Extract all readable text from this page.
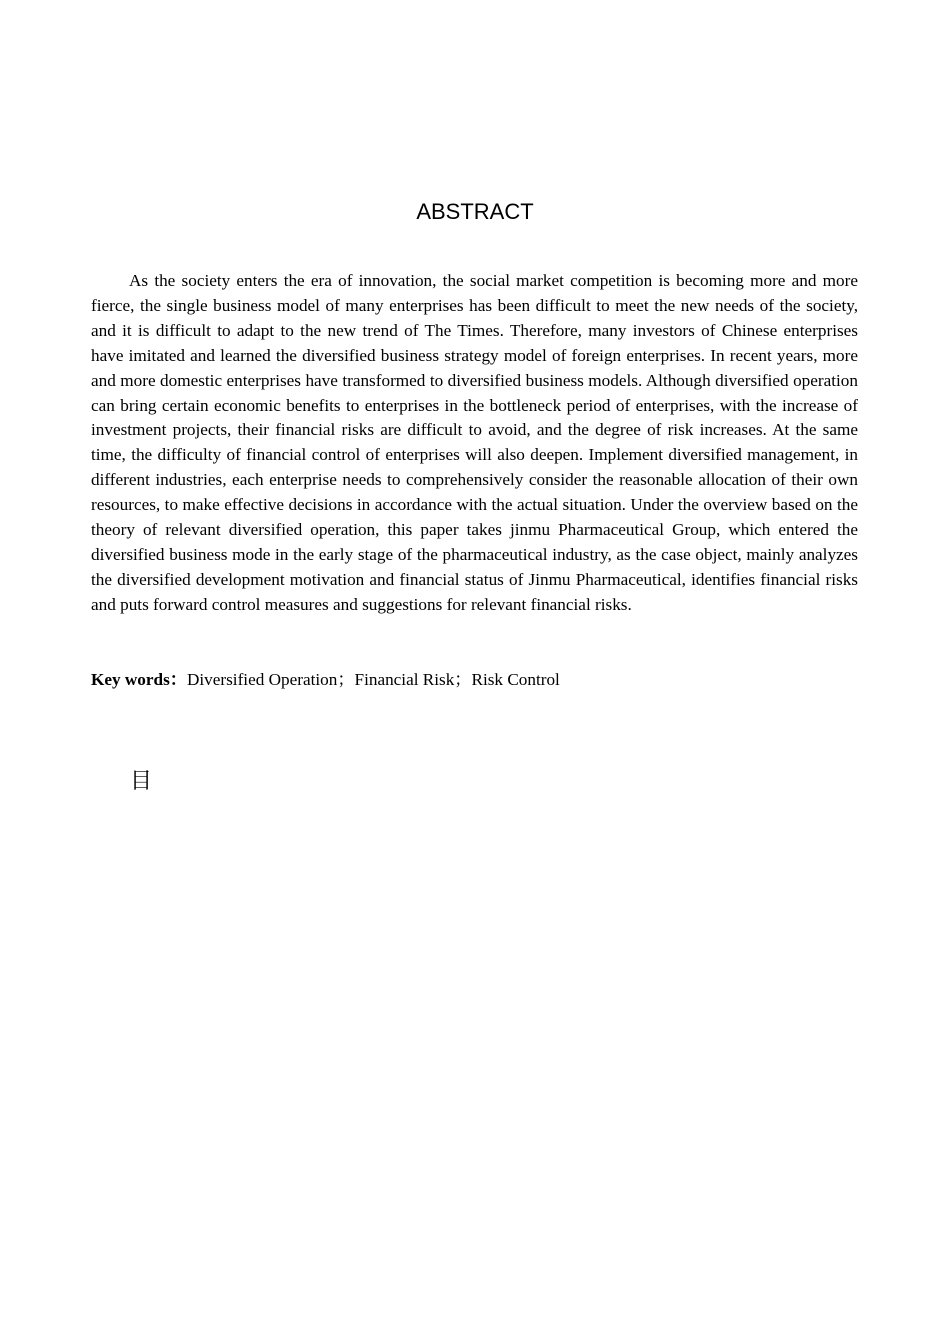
ABSTRACT

As the society enters the era of innovation, the social market competition is becoming more and more fierce, the single business model of many enterprises has been difficult to meet the new needs of the society, and it is difficult to adapt to the new trend of The Times. Therefore, many investors of Chinese enterprises have imitated and learned the diversified business strategy model of foreign enterprises. In recent years, more and more domestic enterprises have transformed to diversified business models. Although diversified operation can bring certain economic benefits to enterprises in the bottleneck period of enterprises, with the increase of investment projects, their financial risks are difficult to avoid, and the degree of risk increases. At the same time, the difficulty of financial control of enterprises will also deepen. Implement diversified management, in different industries, each enterprise needs to comprehensively consider the reasonable allocation of their own resources, to make effective decisions in accordance with the actual situation. Under the overview based on the theory of relevant diversified operation, this paper takes jinmu Pharmaceutical Group, which entered the diversified business mode in the early stage of the pharmaceutical industry, as the case object, mainly analyzes the diversified development motivation and financial status of Jinmu Pharmaceutical, identifies financial risks and puts forward control measures and suggestions for relevant financial risks.

Key words：Diversified Operation；Financial Risk；Risk Control

目
